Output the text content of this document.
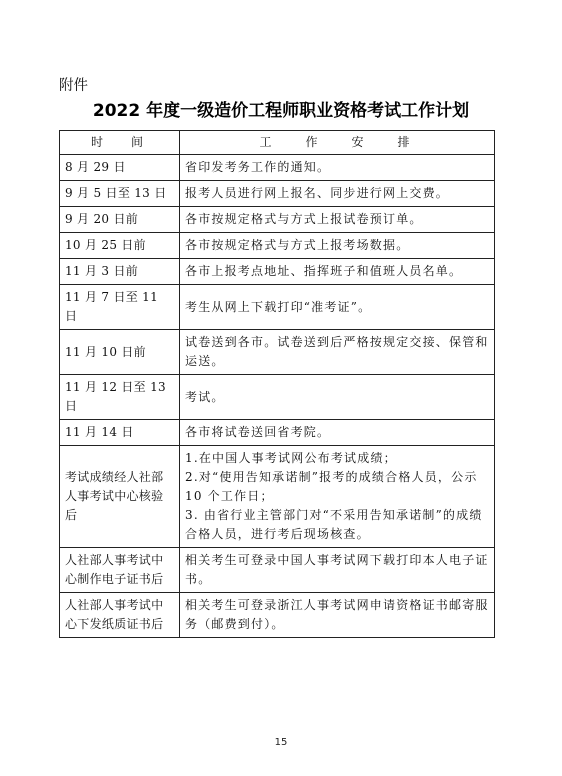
附件
2022 年度一级造价工程师职业资格考试工作计划
时间	工作安排
8 月 29 日	省印发考务工作的通知。
9 月 5 日至 13 日	报考人员进行网上报名、同步进行网上交费。
9 月 20 日前	各市按规定格式与方式上报试卷预订单。
10 月 25 日前	各市按规定格式与方式上报考场数据。
11 月 3 日前	各市上报考点地址、指挥班子和值班人员名单。
11 月 7 日至 11 日	考生从网上下载打印“准考证”。
11 月 10 日前	试卷送到各市。试卷送到后严格按规定交接、保管和运送。
11 月 12 日至 13 日	考试。
11 月 14 日	各市将试卷送回省考院。
考试成绩经人社部人事考试中心核验后	1.在中国人事考试网公布考试成绩；
2.对“使用告知承诺制”报考的成绩合格人员，公示 10 个工作日；
3. 由省行业主管部门对“不采用告知承诺制”的成绩合格人员，进行考后现场核查。

人社部人事考试中心制作电子证书后	相关考生可登录中国人事考试网下载打印本人电子证书。
人社部人事考试中心下发纸质证书后	相关考生可登录浙江人事考试网申请资格证书邮寄服务（邮费到付）。
15
